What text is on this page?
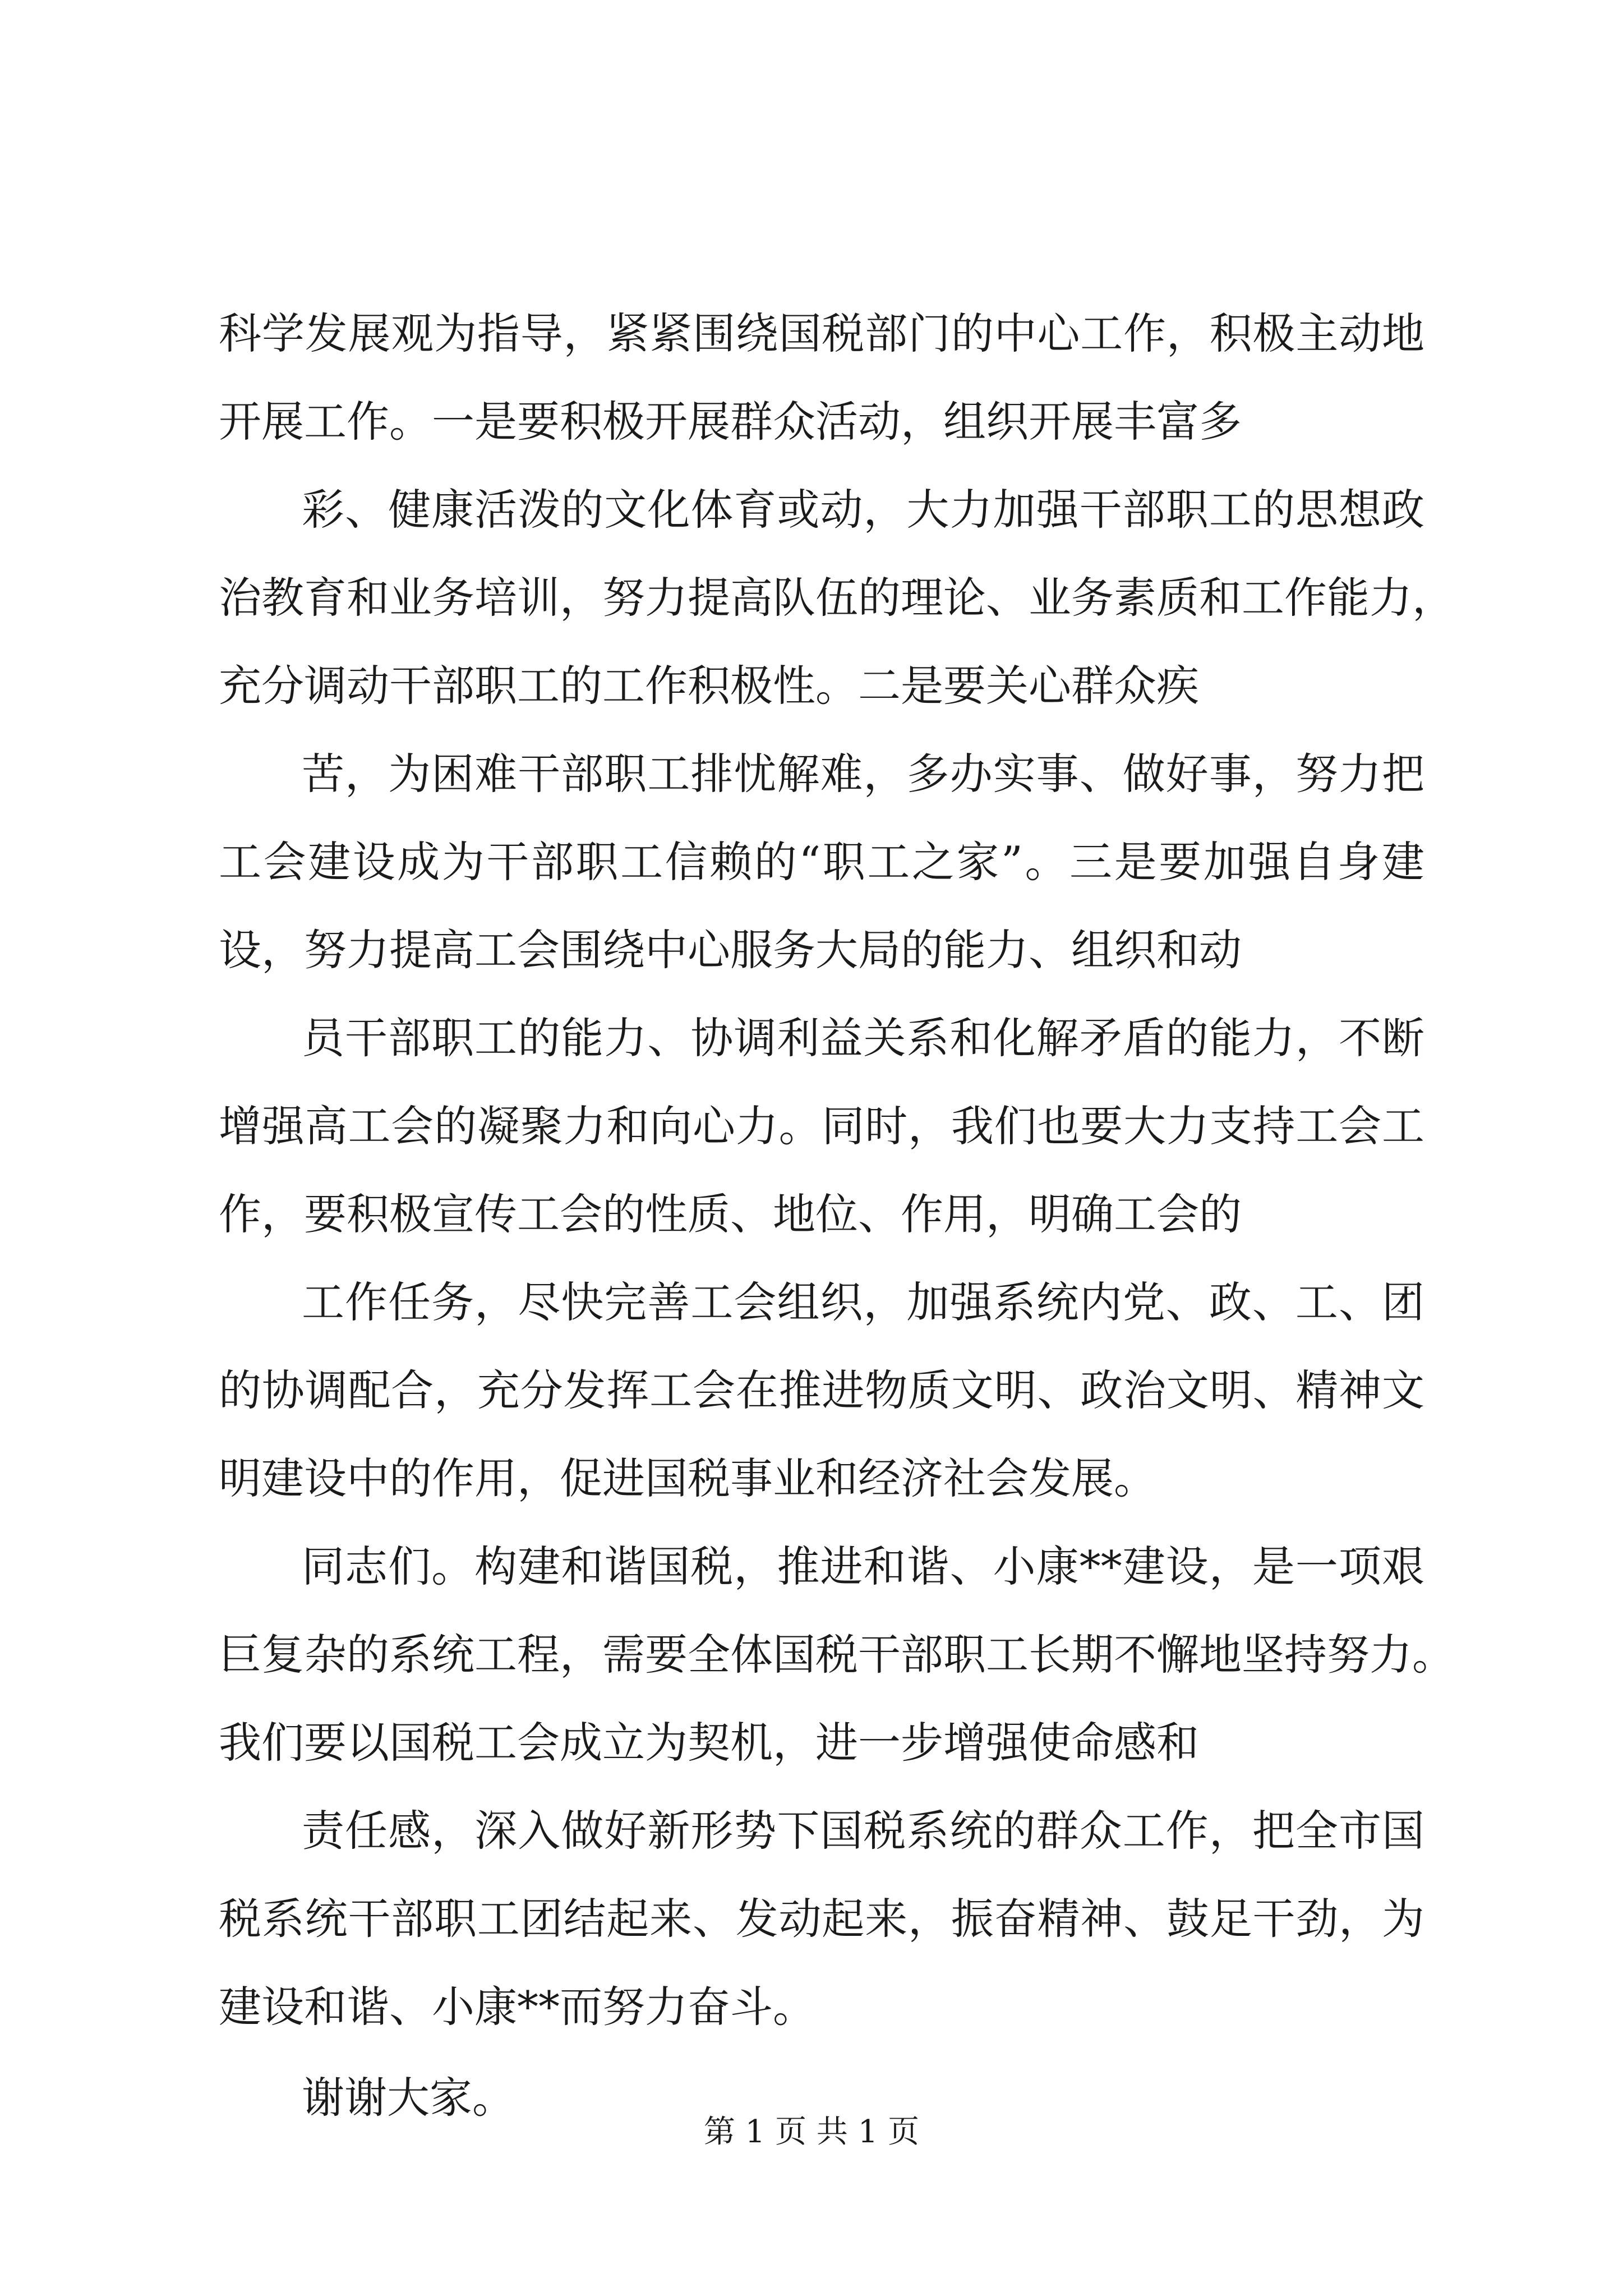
科学发展观为指导，紧紧围绕国税部门的中心工作，积极主动地
开展工作。一是要积极开展群众活动，组织开展丰富多
彩、健康活泼的文化体育或动，大力加强干部职工的思想政
治教育和业务培训，努力提高队伍的理论、业务素质和工作能力，
充分调动干部职工的工作积极性。二是要关心群众疾
苦，为困难干部职工排忧解难，多办实事、做好事，努力把
工会建设成为干部职工信赖的“职工之家”。三是要加强自身建
设，努力提高工会围绕中心服务大局的能力、组织和动
员干部职工的能力、协调利益关系和化解矛盾的能力，不断
增强高工会的凝聚力和向心力。同时，我们也要大力支持工会工
作，要积极宣传工会的性质、地位、作用，明确工会的
工作任务，尽快完善工会组织，加强系统内党、政、工、团
的协调配合，充分发挥工会在推进物质文明、政治文明、精神文
明建设中的作用，促进国税事业和经济社会发展。
同志们。构建和谐国税，推进和谐、小康**建设，是一项艰
巨复杂的系统工程，需要全体国税干部职工长期不懈地坚持努力。
我们要以国税工会成立为契机，进一步增强使命感和
责任感，深入做好新形势下国税系统的群众工作，把全市国
税系统干部职工团结起来、发动起来，振奋精神、鼓足干劲，为
建设和谐、小康**而努力奋斗。
谢谢大家。
第 1 页 共 1 页
